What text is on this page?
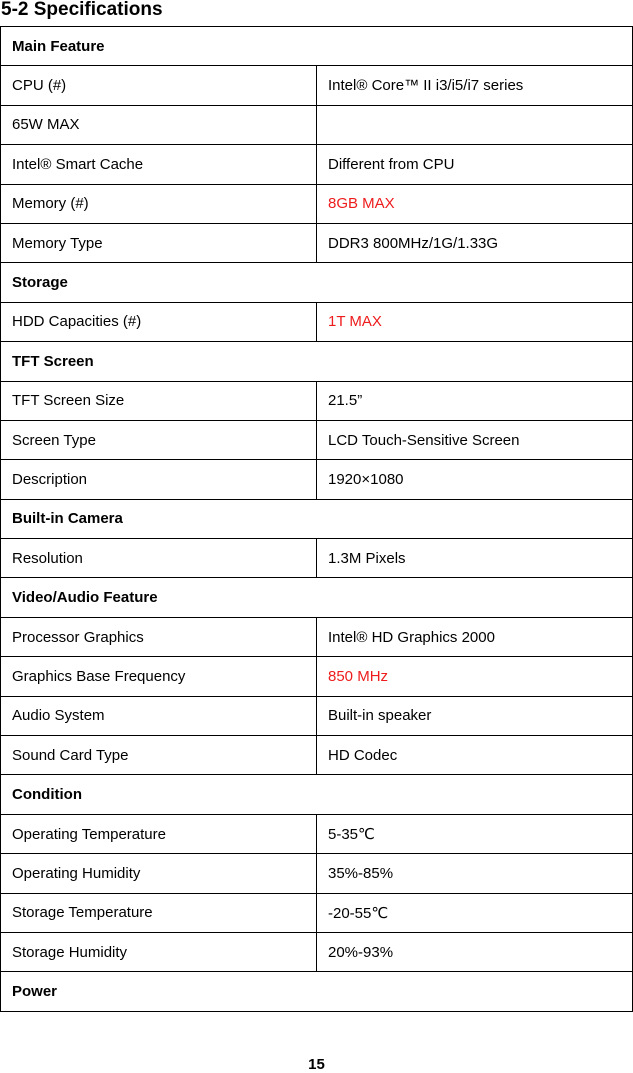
5-2 Specifications
Main Feature	
CPU (#)	Intel® Core™ II i3/i5/i7 series
65W MAX	
Intel® Smart Cache	Different from CPU
Memory (#)	8GB MAX
Memory Type	DDR3 800MHz/1G/1.33G
Storage	
HDD Capacities (#)	1T MAX
TFT Screen	
TFT Screen Size	21.5”
Screen Type	LCD Touch-Sensitive Screen
Description	1920×1080
Built-in Camera	
Resolution	1.3M Pixels
Video/Audio Feature	
Processor Graphics	Intel® HD Graphics 2000
Graphics Base Frequency	850 MHz
Audio System	Built-in speaker
Sound Card Type	HD Codec
Condition	
Operating Temperature	5-35℃
Operating Humidity	35%-85%
Storage Temperature	-20-55℃
Storage Humidity	20%-93%
Power	
15
